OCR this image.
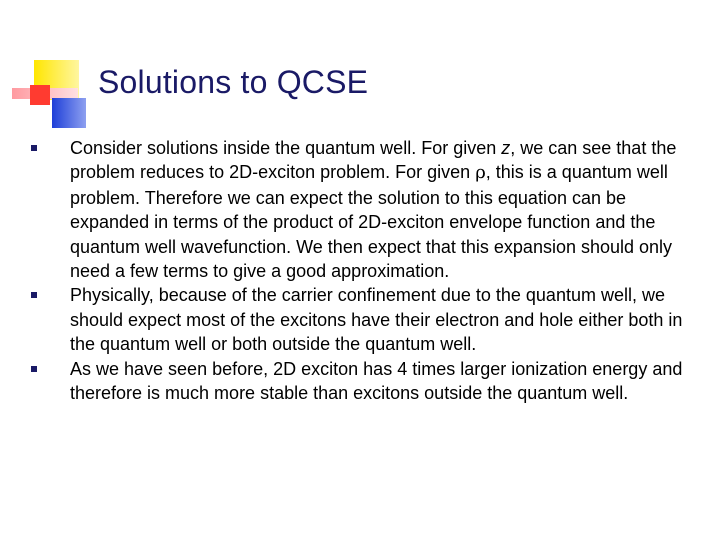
Solutions to QCSE
Consider solutions inside the quantum well. For given z, we can see that the problem reduces to 2D-exciton problem. For given ρ, this is a quantum well problem. Therefore we can expect the solution to this equation can be expanded in terms of the product of 2D-exciton envelope function and the quantum well wavefunction. We then expect that this expansion should only need a few terms to give a good approximation.
Physically, because of the carrier confinement due to the quantum well, we should expect most of the excitons have their electron and hole either both in the quantum well or both outside the quantum well.
As we have seen before, 2D exciton has 4 times larger ionization energy and therefore is much more stable than excitons outside the quantum well.
